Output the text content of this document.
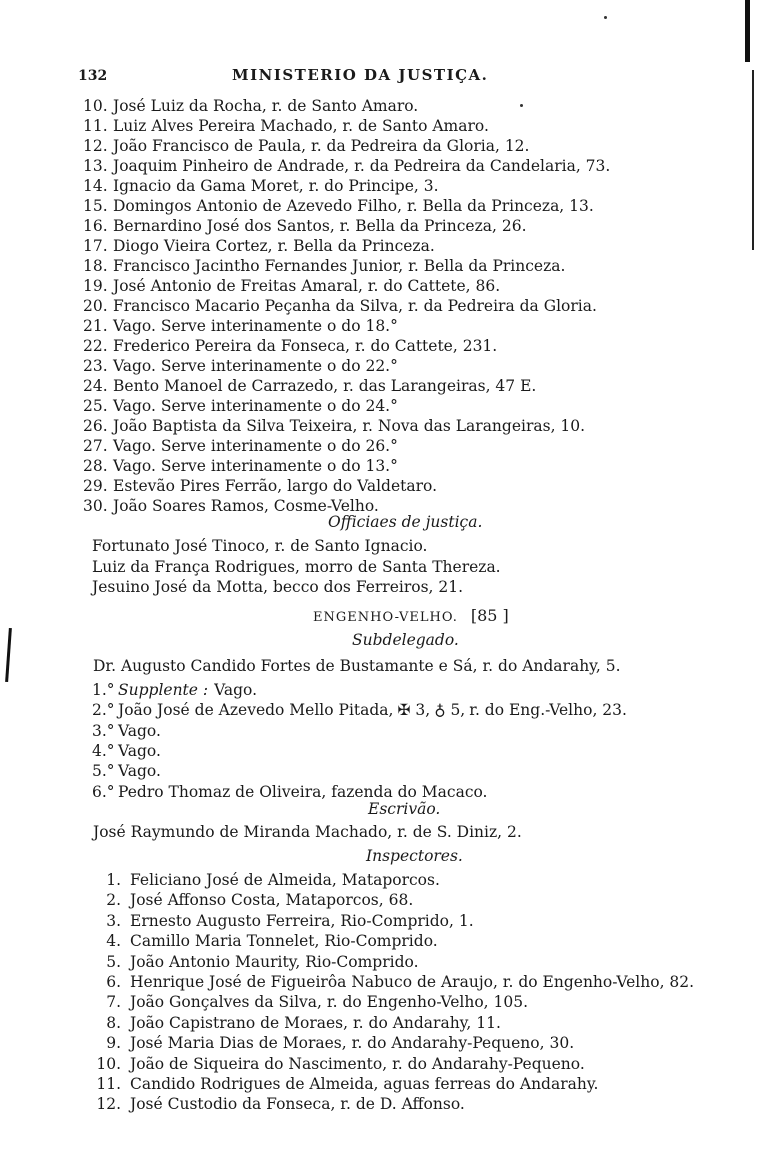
132	MINISTERIO DA JUSTIÇA.
10. José Luiz da Rocha, r. de Santo Amaro.
11. Luiz Alves Pereira Machado, r. de Santo Amaro.
12. João Francisco de Paula, r. da Pedreira da Gloria, 12.
13. Joaquim Pinheiro de Andrade, r. da Pedreira da Candelaria, 73.
14. Ignacio da Gama Moret, r. do Principe, 3.
15. Domingos Antonio de Azevedo Filho, r. Bella da Princeza, 13.
16. Bernardino José dos Santos, r. Bella da Princeza, 26.
17. Diogo Vieira Cortez, r. Bella da Princeza.
18. Francisco Jacintho Fernandes Junior, r. Bella da Princeza.
19. José Antonio de Freitas Amaral, r. do Cattete, 86.
20. Francisco Macario Peçanha da Silva, r. da Pedreira da Gloria.
21. Vago. Serve interinamente o do 18.°
22. Frederico Pereira da Fonseca, r. do Cattete, 231.
23. Vago. Serve interinamente o do 22.°
24. Bento Manoel de Carrazedo, r. das Larangeiras, 47 E.
25. Vago. Serve interinamente o do 24.°
26. João Baptista da Silva Teixeira, r. Nova das Larangeiras, 10.
27. Vago. Serve interinamente o do 26.°
28. Vago. Serve interinamente o do 13.°
29. Estevão Pires Ferrão, largo do Valdetaro.
30. João Soares Ramos, Cosme-Velho.
Officiaes de justiça.
Fortunato José Tinoco, r. de Santo Ignacio.
Luiz da França Rodrigues, morro de Santa Thereza.
Jesuino José da Motta, becco dos Ferreiros, 21.
ENGENHO-VELHO. [85 ]
Subdelegado.
Dr. Augusto Candido Fortes de Bustamante e Sá, r. do Andarahy, 5.
1.° Supplente : Vago.
2.° João José de Azevedo Mello Pitada, ✠ 3, ♁ 5, r. do Eng.-Velho, 23.
3.° Vago.
4.° Vago.
5.° Vago.
6.° Pedro Thomaz de Oliveira, fazenda do Macaco.
Escrivão.
José Raymundo de Miranda Machado, r. de S. Diniz, 2.
Inspectores.
1. Feliciano José de Almeida, Mataporcos.
2. José Affonso Costa, Mataporcos, 68.
3. Ernesto Augusto Ferreira, Rio-Comprido, 1.
4. Camillo Maria Tonnelet, Rio-Comprido.
5. João Antonio Maurity, Rio-Comprido.
6. Henrique José de Figueirôa Nabuco de Araujo, r. do Engenho-Velho, 82.
7. João Gonçalves da Silva, r. do Engenho-Velho, 105.
8. João Capistrano de Moraes, r. do Andarahy, 11.
9. José Maria Dias de Moraes, r. do Andarahy-Pequeno, 30.
10. João de Siqueira do Nascimento, r. do Andarahy-Pequeno.
11. Candido Rodrigues de Almeida, aguas ferreas do Andarahy.
12. José Custodio da Fonseca, r. de D. Affonso.
